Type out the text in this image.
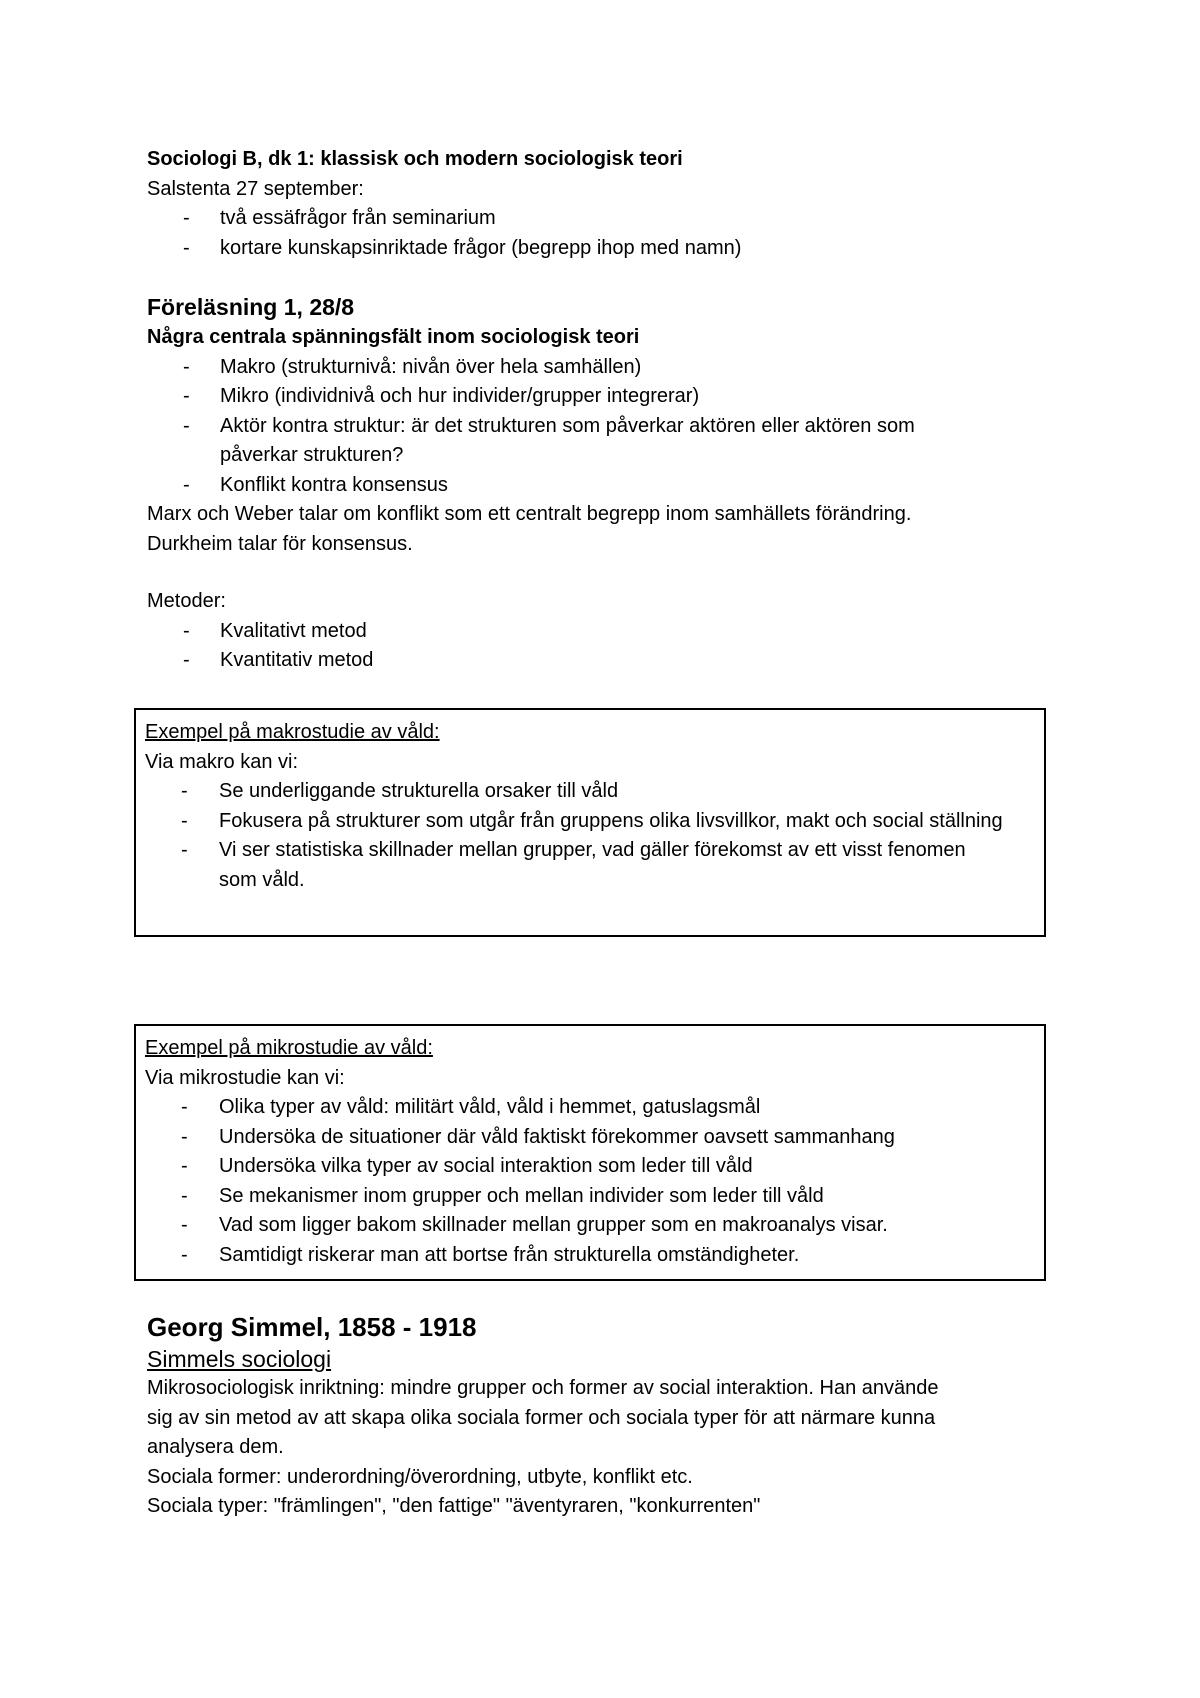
Sociologi B, dk 1: klassisk och modern sociologisk teori
Salstenta 27 september:
- två essäfrågor från seminarium
- kortare kunskapsinriktade frågor (begrepp ihop med namn)
Föreläsning 1, 28/8
Några centrala spänningsfält inom sociologisk teori
- Makro (strukturnivå: nivån över hela samhällen)
- Mikro (individnivå och hur individer/grupper integrerar)
- Aktör kontra struktur: är det strukturen som påverkar aktören eller aktören som påverkar strukturen?
- Konflikt kontra konsensus
Marx och Weber talar om konflikt som ett centralt begrepp inom samhällets förändring.
Durkheim talar för konsensus.
Metoder:
- Kvalitativt metod
- Kvantitativ metod
Exempel på makrostudie av våld:
Via makro kan vi:
- Se underliggande strukturella orsaker till våld
- Fokusera på strukturer som utgår från gruppens olika livsvillkor, makt och social ställning
- Vi ser statistiska skillnader mellan grupper, vad gäller förekomst av ett visst fenomen som våld.
Exempel på mikrostudie av våld:
Via mikrostudie kan vi:
- Olika typer av våld: militärt våld, våld i hemmet, gatuslagsmål
- Undersöka de situationer där våld faktiskt förekommer oavsett sammanhang
- Undersöka vilka typer av social interaktion som leder till våld
- Se mekanismer inom grupper och mellan individer som leder till våld
- Vad som ligger bakom skillnader mellan grupper som en makroanalys visar.
- Samtidigt riskerar man att bortse från strukturella omständigheter.
Georg Simmel, 1858 - 1918
Simmels sociologi
Mikrosociologisk inriktning: mindre grupper och former av social interaktion. Han använde
sig av sin metod av att skapa olika sociala former och sociala typer för att närmare kunna
analysera dem.
Sociala former: underordning/överordning, utbyte, konflikt etc.
Sociala typer: "främlingen", "den fattige" "äventyraren, "konkurrenten"
